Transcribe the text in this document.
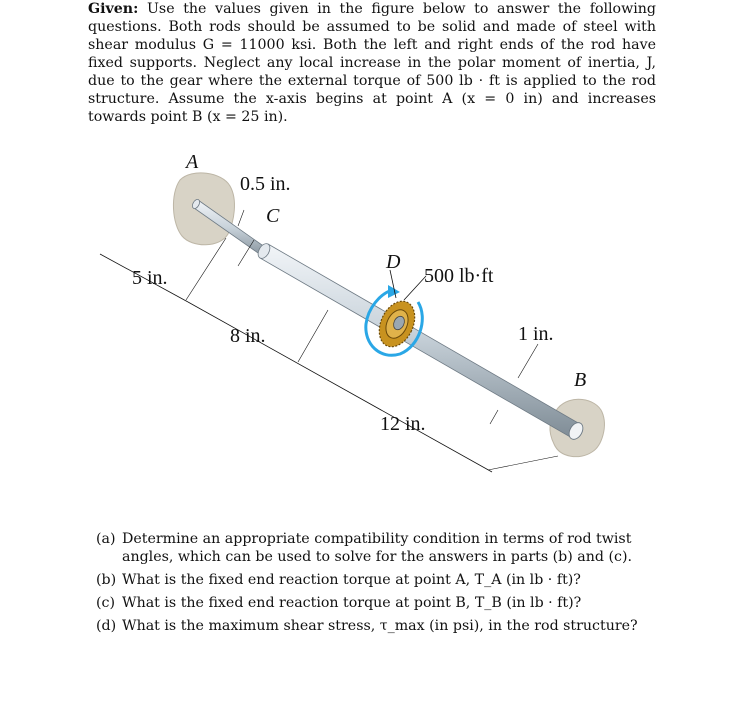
Given: Use the values given in the figure below to answer the following questions. Both rods should be assumed to be solid and made of steel with shear modulus G = 11000 ksi. Both the left and right ends of the rod have fixed supports. Neglect any local increase in the polar moment of inertia, J, due to the gear where the external torque of 500 lb · ft is applied to the rod structure. Assume the x-axis begins at point A (x = 0 in) and increases towards point B (x = 25 in).
A
B
C
D
0.5 in.
1 in.
500 lb·ft
5 in.
8 in.
12 in.
(a) Determine an appropriate compatibility condition in terms of rod twist angles, which can be used to solve for the answers in parts (b) and (c).
(b) What is the fixed end reaction torque at point A, T_A (in lb · ft)?
(c) What is the fixed end reaction torque at point B, T_B (in lb · ft)?
(d) What is the maximum shear stress, τ_max (in psi), in the rod structure?
